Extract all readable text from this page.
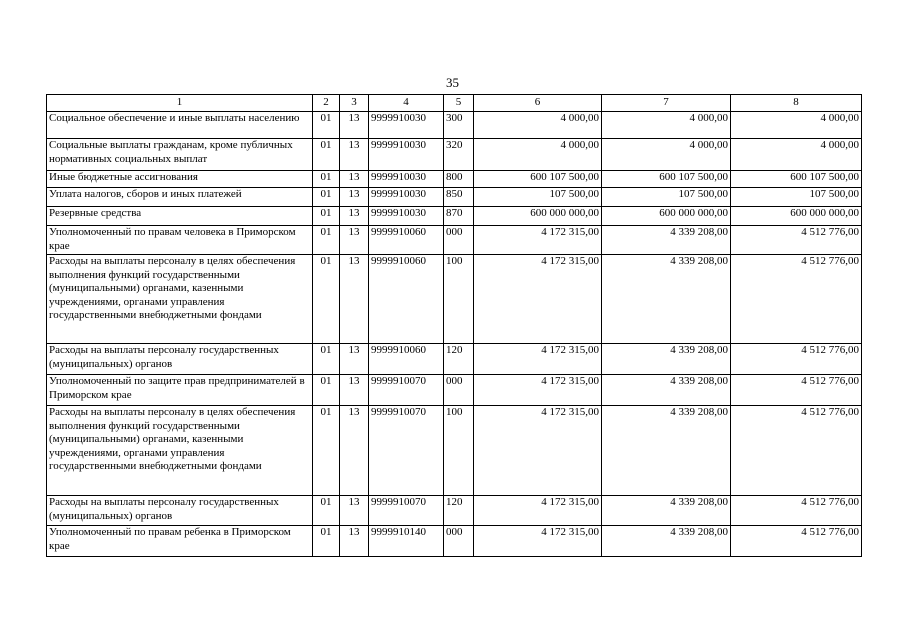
35
1	2	3	4	5	6	7	8
Социальное обеспечение и иные выплаты населению	01	13	9999910030	300	4 000,00	4 000,00	4 000,00
Социальные выплаты гражданам, кроме публичных нормативных социальных выплат	01	13	9999910030	320	4 000,00	4 000,00	4 000,00
Иные бюджетные ассигнования	01	13	9999910030	800	600 107 500,00	600 107 500,00	600 107 500,00
Уплата налогов, сборов и иных платежей	01	13	9999910030	850	107 500,00	107 500,00	107 500,00
Резервные средства	01	13	9999910030	870	600 000 000,00	600 000 000,00	600 000 000,00
Уполномоченный по правам человека в Приморском крае	01	13	9999910060	000	4 172 315,00	4 339 208,00	4 512 776,00
Расходы на выплаты персоналу в целях обеспечения выполнения функций государственными (муниципальными) органами, казенными учреждениями, органами управления государственными внебюджетными фондами	01	13	9999910060	100	4 172 315,00	4 339 208,00	4 512 776,00
Расходы на выплаты персоналу государственных (муниципальных) органов	01	13	9999910060	120	4 172 315,00	4 339 208,00	4 512 776,00
Уполномоченный по защите прав предпринимателей в Приморском крае	01	13	9999910070	000	4 172 315,00	4 339 208,00	4 512 776,00
Расходы на выплаты персоналу в целях обеспечения выполнения функций государственными (муниципальными) органами, казенными учреждениями, органами управления государственными внебюджетными фондами	01	13	9999910070	100	4 172 315,00	4 339 208,00	4 512 776,00
Расходы на выплаты персоналу государственных (муниципальных) органов	01	13	9999910070	120	4 172 315,00	4 339 208,00	4 512 776,00
Уполномоченный по правам ребенка в Приморском крае	01	13	9999910140	000	4 172 315,00	4 339 208,00	4 512 776,00
